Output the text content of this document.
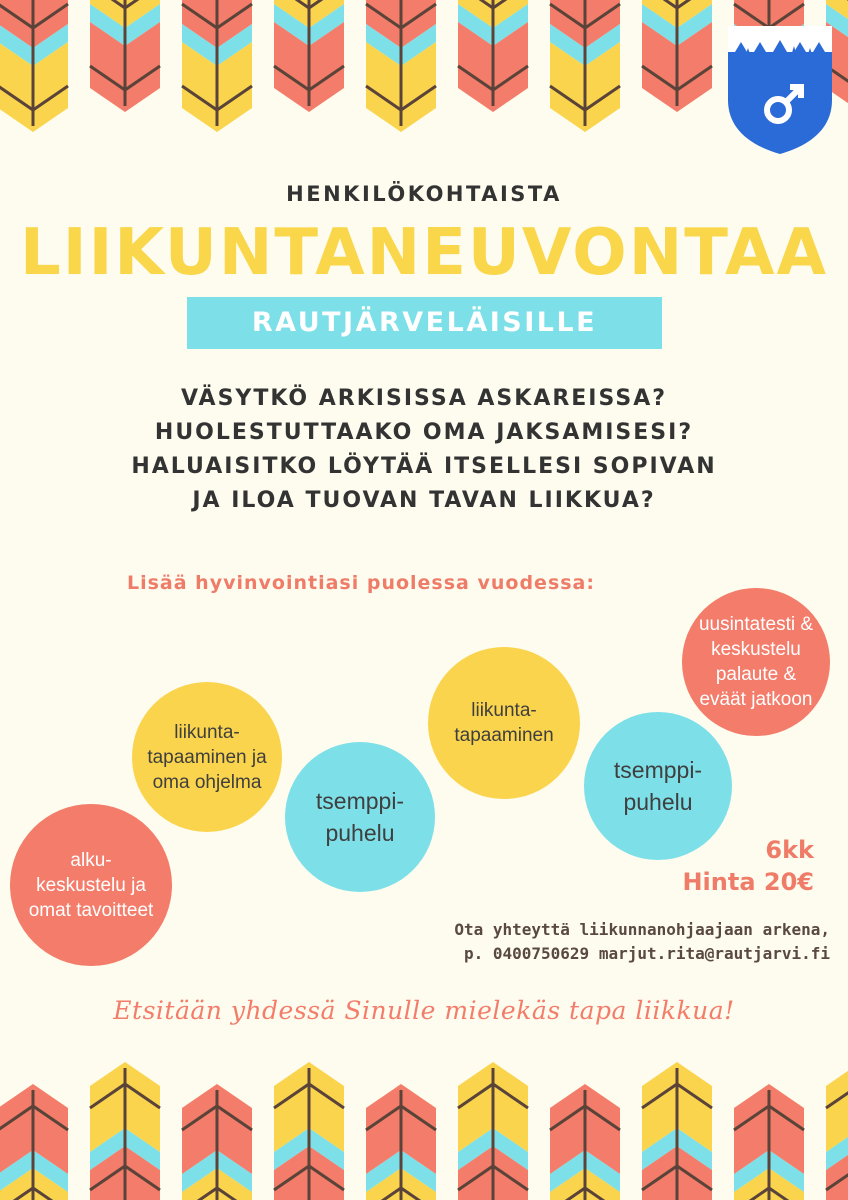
HENKILÖKOHTAISTA
LIIKUNTANEUVONTAA
RAUTJÄRVELÄISILLE
VÄSYTKÖ ARKISISSA ASKAREISSA?
HUOLESTUTTAAKO OMA JAKSAMISESI?
HALUAISITKO LÖYTÄÄ ITSELLESI SOPIVAN
JA ILOA TUOVAN TAVAN LIIKKUA?
Lisää hyvinvointiasi puolessa vuodessa:
alku-
keskustelu ja
omat tavoitteet
liikunta-
tapaaminen ja
oma ohjelma
tsemppi-
puhelu
liikunta-
tapaaminen
tsemppi-
puhelu
uusintatesti &
keskustelu
palaute &
eväät jatkoon
6kk
Hinta 20€
Ota yhteyttä liikunnanohjaajaan arkena,
p. 0400750629 marjut.rita@rautjarvi.fi
Etsitään yhdessä Sinulle mielekäs tapa liikkua!
